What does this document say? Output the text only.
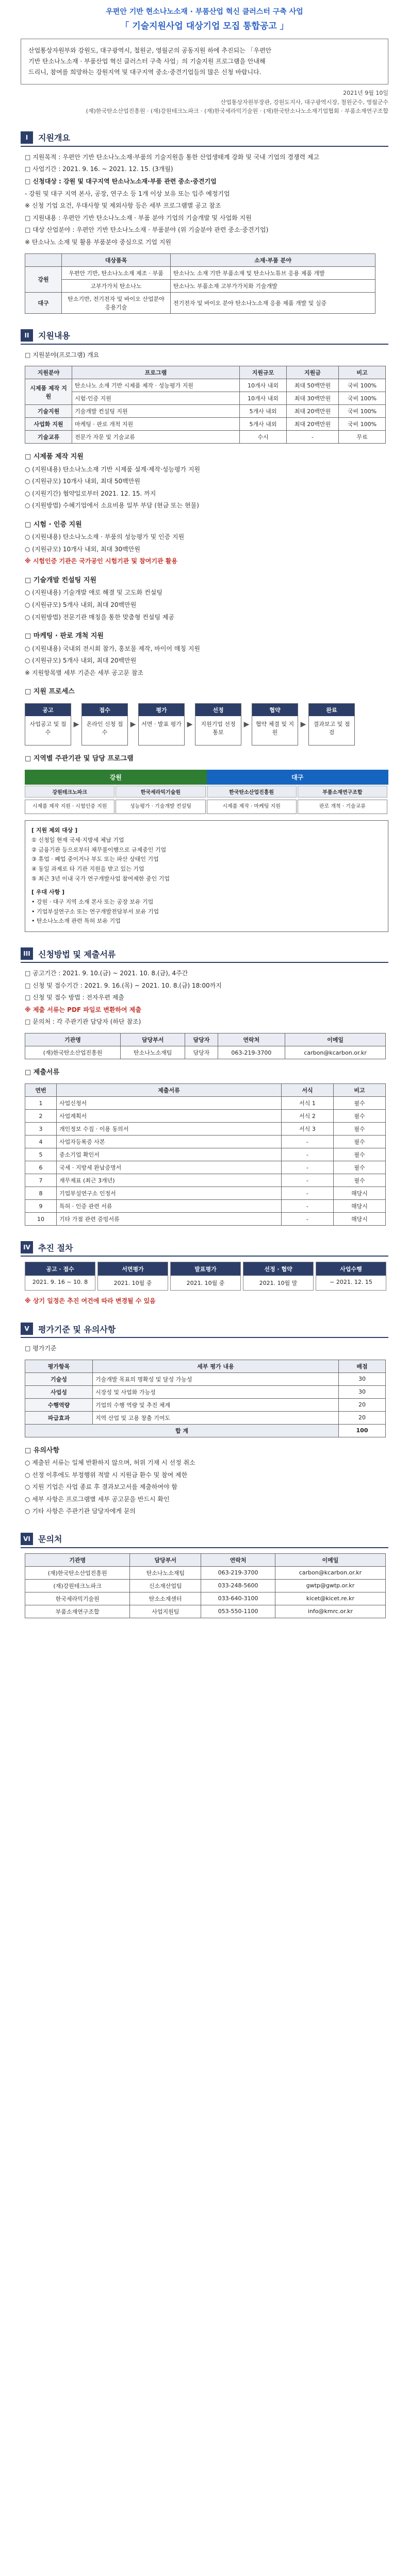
우편안 기반 현소나노소재 · 부품산업 혁신 클러스터 구축 사업
「 기술지원사업 대상기업 모집 통합공고 」
산업통상자원부와 강원도, 대구광역시, 철원군, 영월군의 공동지원 하에 추진되는 「우편안
기반 탄소나노소재 · 부품산업 혁신 클러스터 구축 사업」의 기술지원 프로그램을 안내해
드리니, 참여를 희망하는 강원지역 및 대구지역 중소·중견기업들의 많은 신청 바랍니다.
2021년 9월 10일
산업통상자원부장관, 강원도지사, 대구광역시장, 철원군수, 영월군수
(재)한국탄소산업진흥원 · (재)강원테크노파크 · (재)한국세라믹기술원 · (재)한국탄소나노소재기업협회 · 부품소재연구조합
I	지원개요
□ 지원목적 : 우편안 기반 탄소나노소재·부품의 기술지원을 통한 산업생태계 강화 및 국내 기업의 경쟁력 제고
□ 사업기간 : 2021. 9. 16. ~ 2021. 12. 15. (3개월)
□ 신청대상 : 강원 및 대구지역 탄소나노소재·부품 관련 중소·중견기업
- 강원 및 대구 지역 본사, 공장, 연구소 등 1개 이상 보유 또는 입주 예정기업
※ 신청 기업 요건, 우대사항 및 제외사항 등은 세부 프로그램별 공고 참조
□ 지원내용 : 우편안 기반 탄소나노소재 · 부품 분야 기업의 기술개발 및 사업화 지원
□ 대상 산업분야 : 우편안 기반 탄소나노소재 · 부품분야 (위 기술분야 관련 중소·중견기업)
※ 탄소나노 소재 및 활용 부품분야 중심으로 기업 지원
	대상품목	소재·부품 분야
강원	우편안 기반, 탄소나노소재 제조 · 부품	탄소나노 소재 기반 부품소재 및 탄소나노튜브 응용 제품 개발
	고부가가치 탄소나노	탄소나노 부품소재 고부가가치화 기술개발
대구	탄소기반, 전기전자 및 바이오 산업분야 응용기술	전기전자 및 바이오 분야 탄소나노소재 응용 제품 개발 및 실증
II	지원내용
□ 지원분야(프로그램) 개요
지원분야	프로그램	지원규모	지원금	비고
시제품 제작 지원	탄소나노 소재 기반 시제품 제작 · 성능평가 지원	10개사 내외	최대 50백만원	국비 100%
	시험·인증 지원	10개사 내외	최대 30백만원	국비 100%
기술지원	기술개발 컨설팅 지원	5개사 내외	최대 20백만원	국비 100%
사업화 지원	마케팅 · 판로 개척 지원	5개사 내외	최대 20백만원	국비 100%
기술교류	전문가 자문 및 기술교류	수시	-	무료
□ 시제품 제작 지원
○ (지원내용) 탄소나노소재 기반 시제품 설계·제작·성능평가 지원
○ (지원규모) 10개사 내외, 최대 50백만원
○ (지원기간) 협약일로부터 2021. 12. 15. 까지
○ (지원방법) 수혜기업에서 소요비용 일부 부담 (현금 또는 현물)
□ 시험 · 인증 지원
○ (지원내용) 탄소나노소재 · 부품의 성능평가 및 인증 지원
○ (지원규모) 10개사 내외, 최대 30백만원
※ 시험인증 기관은 국가공인 시험기관 및 참여기관 활용
□ 기술개발 컨설팅 지원
○ (지원내용) 기술개발 애로 해결 및 고도화 컨설팅
○ (지원규모) 5개사 내외, 최대 20백만원
○ (지원방법) 전문기관 매칭을 통한 맞춤형 컨설팅 제공
□ 마케팅 · 판로 개척 지원
○ (지원내용) 국내외 전시회 참가, 홍보물 제작, 바이어 매칭 지원
○ (지원규모) 5개사 내외, 최대 20백만원
※ 지원항목별 세부 기준은 세부 공고문 참조
□ 지원 프로세스
공고
사업공고 및 접수
▶
접수
온라인 신청 접수
▶
평가
서면 · 발표 평가 ▶
선정
지원기업 선정 통보
▶
협약
협약 체결 및 지원
▶
완료
결과보고 및 점검
□ 지역별 주관기관 및 담당 프로그램
강원	대구
강원테크노파크	한국세라믹기술원	한국탄소산업진흥원	부품소재연구조합
시제품 제작 지원 · 시험인증 지원	성능평가 · 기술개발 컨설팅	시제품 제작 · 마케팅 지원	판로 개척 · 기술교류
[ 지원 제외 대상 ]
① 신청일 현재 국세·지방세 체납 기업
② 금융기관 등으로부터 채무불이행으로 규제중인 기업
③ 휴업 · 폐업 중이거나 부도 또는 파산 상태인 기업
④ 동일 과제로 타 기관 지원을 받고 있는 기업
⑤ 최근 3년 이내 국가 연구개발사업 참여제한 중인 기업
[ 우대 사항 ]
• 강원 · 대구 지역 소재 본사 또는 공장 보유 기업
• 기업부설연구소 또는 연구개발전담부서 보유 기업
• 탄소나노소재 관련 특허 보유 기업
III 신청방법 및 제출서류
□ 공고기간 : 2021. 9. 10.(금) ~ 2021. 10. 8.(금), 4주간
□ 신청 및 접수기간 : 2021. 9. 16.(목) ~ 2021. 10. 8.(금) 18:00까지
□ 신청 및 접수 방법 : 전자우편 제출
※ 제출 서류는 PDF 파일로 변환하여 제출
□ 문의처 : 각 주관기관 담당자 (하단 참조)
기관명	담당부서	담당자	연락처	이메일
(재)한국탄소산업진흥원	탄소나노소재팀	담당자	063-219-3700	carbon@kcarbon.or.kr
□ 제출서류
연번	제출서류	서식	비고
1	사업신청서	서식 1	필수
2	사업계획서	서식 2	필수
3	개인정보 수집 · 이용 동의서	서식 3	필수
4	사업자등록증 사본	-	필수
5	중소기업 확인서	-	필수
6	국세 · 지방세 완납증명서	-	필수
7	재무제표 (최근 3개년)	-	필수
8	기업부설연구소 인정서	-	해당시
9	특허 · 인증 관련 서류	-	해당시
10	기타 가점 관련 증빙서류	-	해당시
IV 추진 절차
공고 · 접수
2021. 9. 16 ~ 10. 8
서면평가
2021. 10월 중
발표평가
2021. 10월 중
선정 · 협약
2021. 10월 말
사업수행
~ 2021. 12. 15
※ 상기 일정은 추진 여건에 따라 변경될 수 있음
V	평가기준 및 유의사항
□ 평가기준
평가항목	세부 평가 내용	배점
기술성	기술개발 목표의 명확성 및 달성 가능성	30
사업성	시장성 및 사업화 가능성	30
수행역량	기업의 수행 역량 및 추진 체계	20
파급효과	지역 산업 및 고용 창출 기여도	20
합 계		100
□ 유의사항
○ 제출된 서류는 일체 반환하지 않으며, 허위 기재 시 선정 취소
○ 선정 이후에도 부정행위 적발 시 지원금 환수 및 참여 제한
○ 지원 기업은 사업 종료 후 결과보고서를 제출하여야 함
○ 세부 사항은 프로그램별 세부 공고문을 반드시 확인
○ 기타 사항은 주관기관 담당자에게 문의
VI 문의처
기관명	담당부서	연락처	이메일
(재)한국탄소산업진흥원	탄소나노소재팀	063-219-3700	carbon@kcarbon.or.kr
(재)강원테크노파크	신소재산업팀	033-248-5600	gwtp@gwtp.or.kr
한국세라믹기술원	탄소소재센터	033-640-3100	kicet@kicet.re.kr
부품소재연구조합	사업지원팀	053-550-1100	info@kmrc.or.kr
